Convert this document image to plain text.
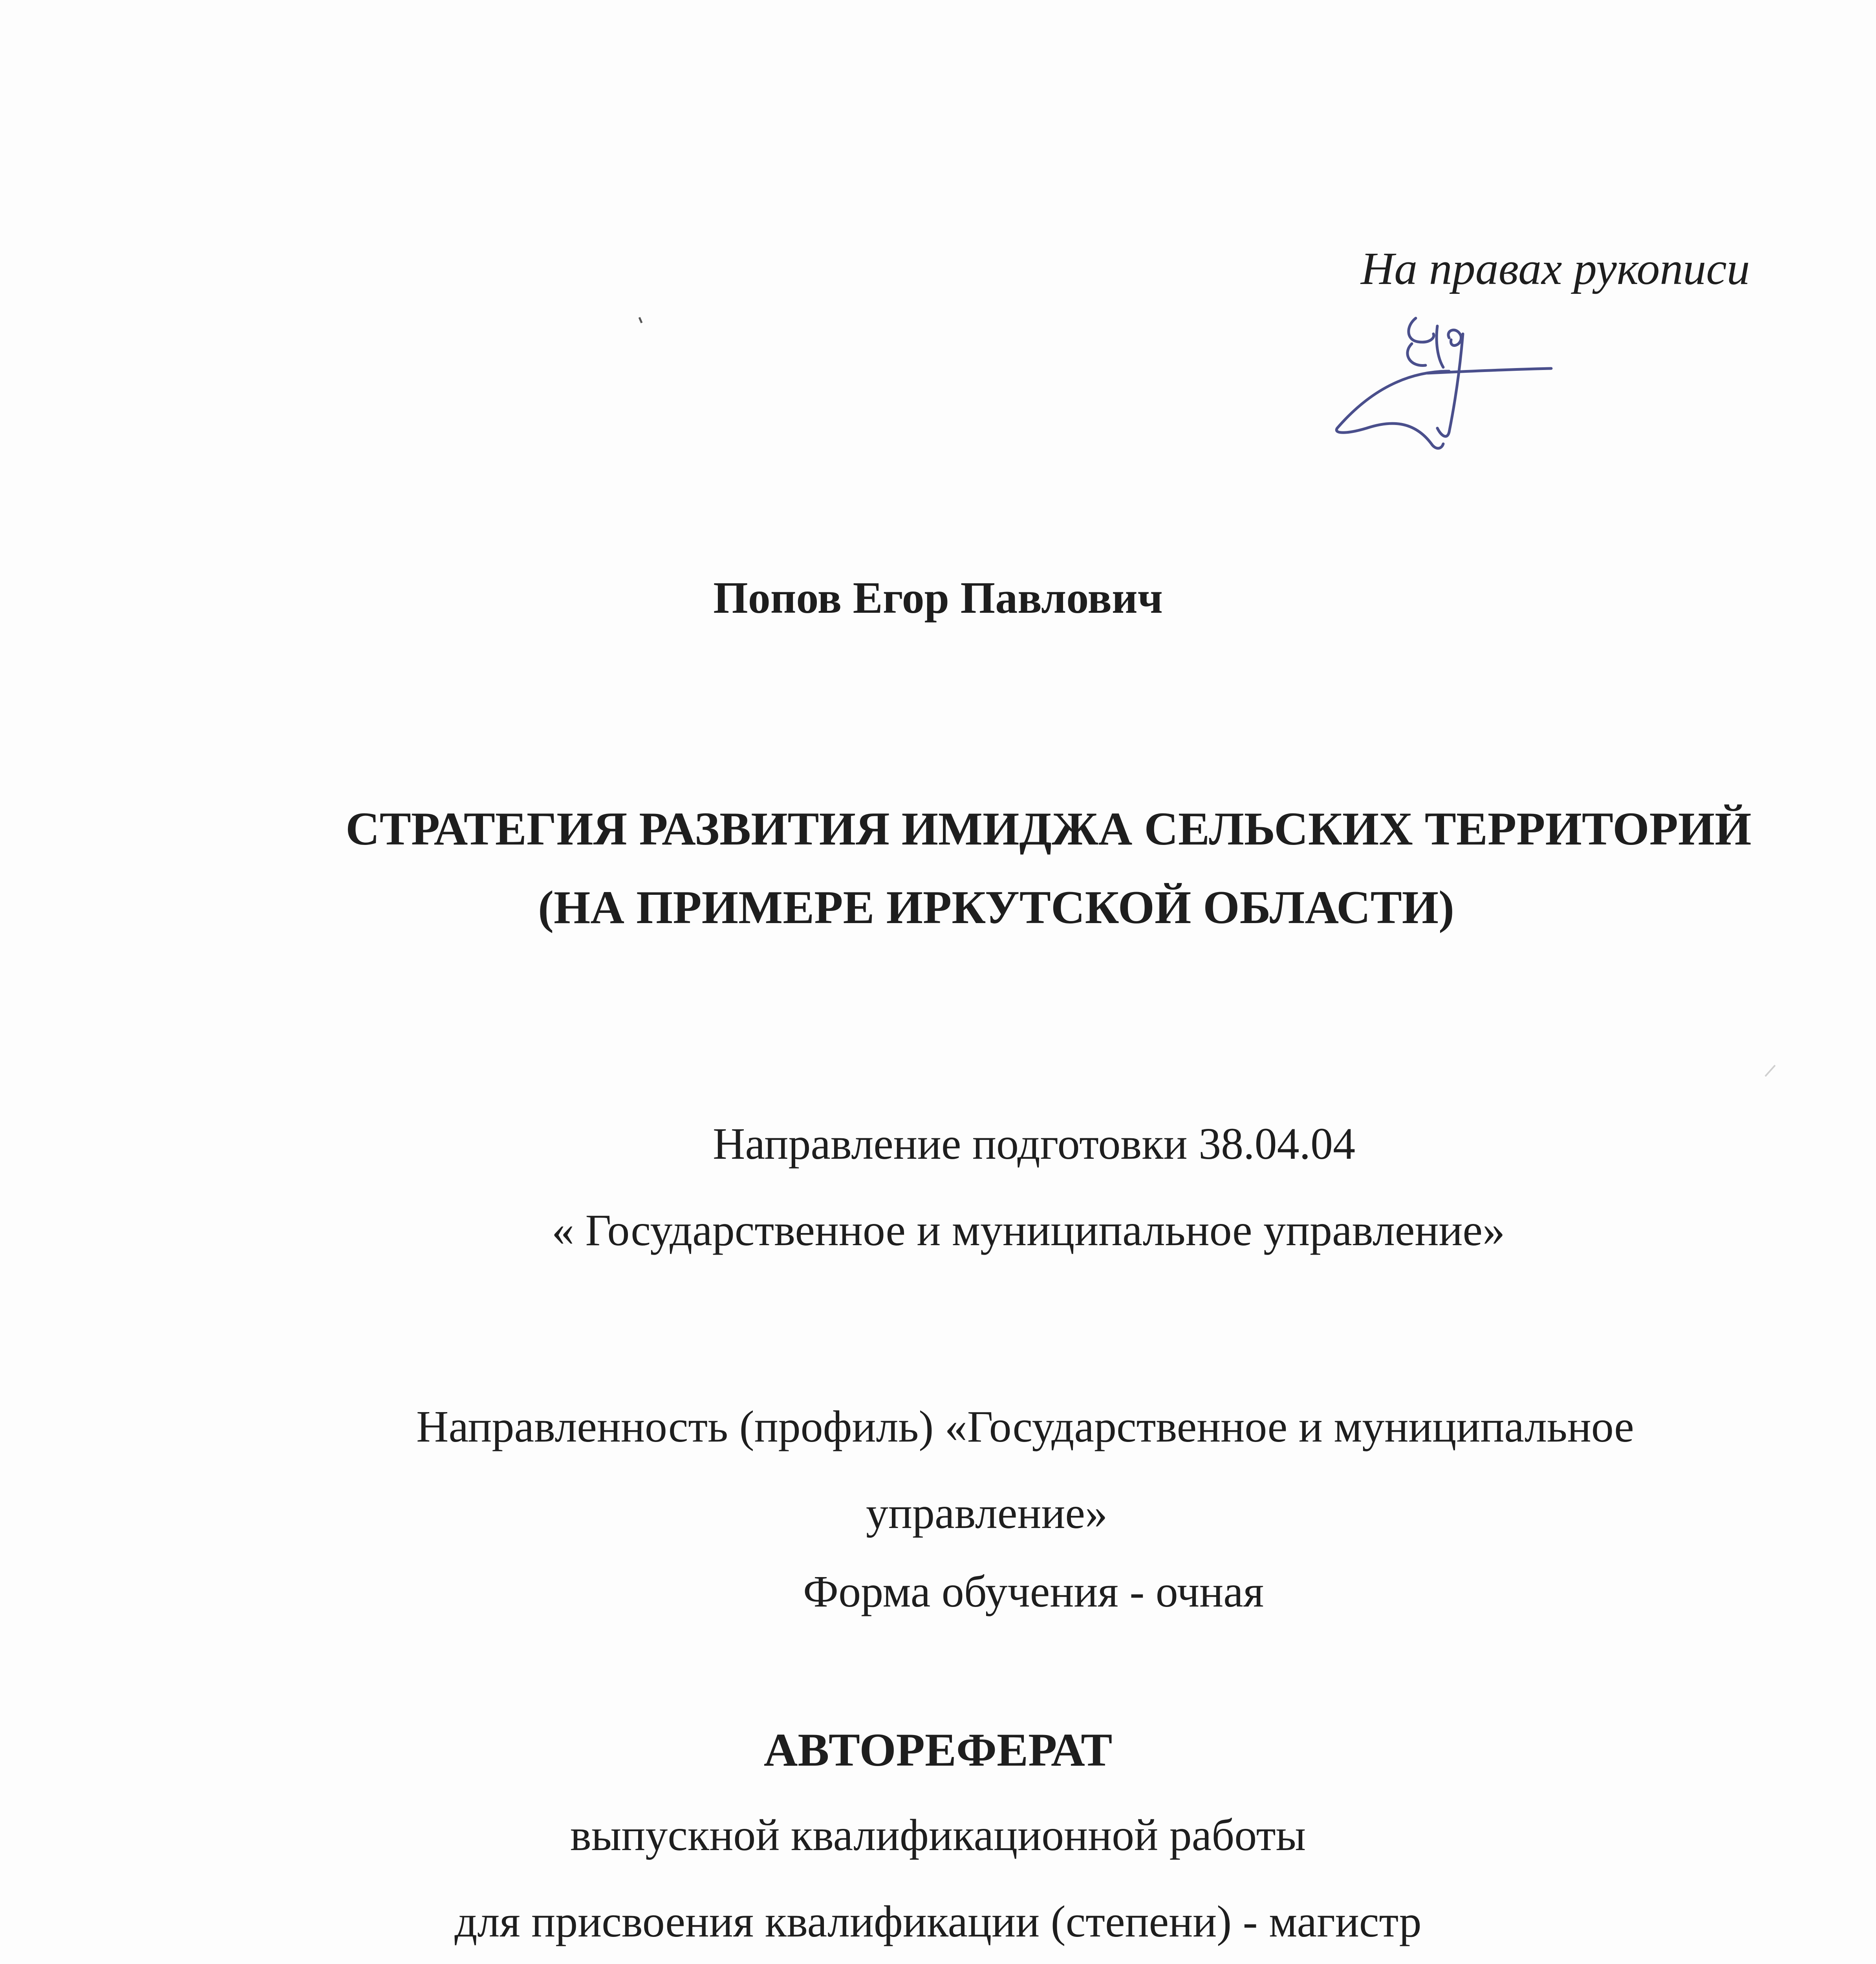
На правах рукописи
Попов Егор Павлович
СТРАТЕГИЯ РАЗВИТИЯ ИМИДЖА СЕЛЬСКИХ ТЕРРИТОРИЙ
(НА ПРИМЕРЕ ИРКУТСКОЙ ОБЛАСТИ)
Направление подготовки 38.04.04
« Государственное и муниципальное управление»
Направленность (профиль) «Государственное и муниципальное
управление»
Форма обучения - очная
АВТОРЕФЕРАТ
выпускной квалификационной работы
для присвоения квалификации (степени) - магистр
